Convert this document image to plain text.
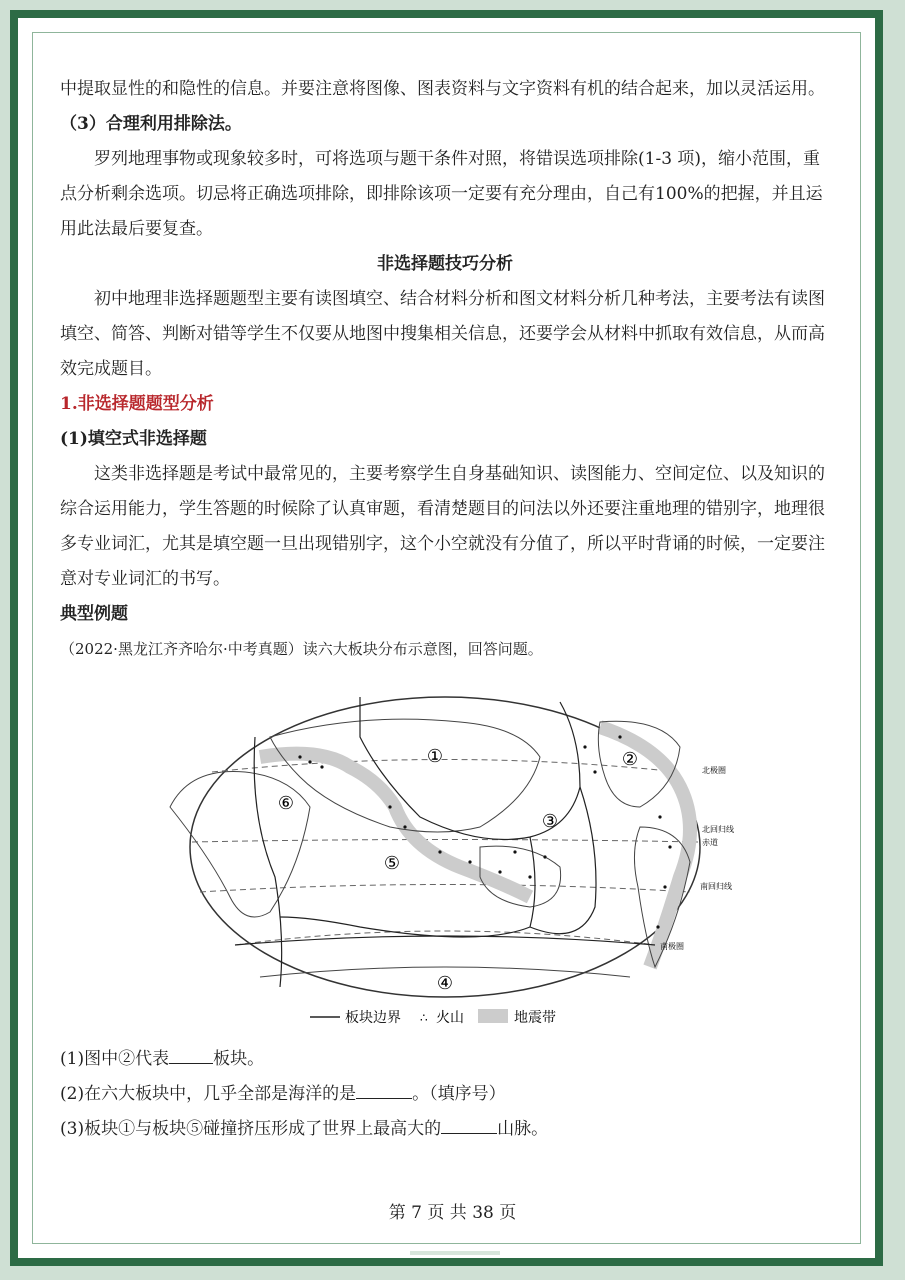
中提取显性的和隐性的信息。并要注意将图像、图表资料与文字资料有机的结合起来，加以灵活运用。

（3）合理利用排除法。

罗列地理事物或现象较多时，可将选项与题干条件对照，将错误选项排除(1-3 项)，缩小范围，重点分析剩余选项。切忌将正确选项排除，即排除该项一定要有充分理由，自己有100%的把握，并且运用此法最后要复查。

非选择题技巧分析

初中地理非选择题题型主要有读图填空、结合材料分析和图文材料分析几种考法，主要考法有读图填空、简答、判断对错等学生不仅要从地图中搜集相关信息，还要学会从材料中抓取有效信息，从而高效完成题目。

1.非选择题题型分析

(1)填空式非选择题

这类非选择题是考试中最常见的，主要考察学生自身基础知识、读图能力、空间定位、以及知识的综合运用能力，学生答题的时候除了认真审题，看清楚题目的问法以外还要注重地理的错别字，地理很多专业词汇，尤其是填空题一旦出现错别字，这个小空就没有分值了，所以平时背诵的时候，一定要注意对专业词汇的书写。

典型例题

（2022·黑龙江齐齐哈尔·中考真题）读六大板块分布示意图，回答问题。

①	②
③
④
⑤
⑥
北极圈
北回归线
赤道
南回归线
南极圈
板块边界 ∴ 火山	地震带

(1)图中②代表	板块。

(2)在六大板块中，几乎全部是海洋的是	。（填序号）

(3)板块①与板块⑤碰撞挤压形成了世界上最高大的	山脉。

第 7 页 共 38 页
